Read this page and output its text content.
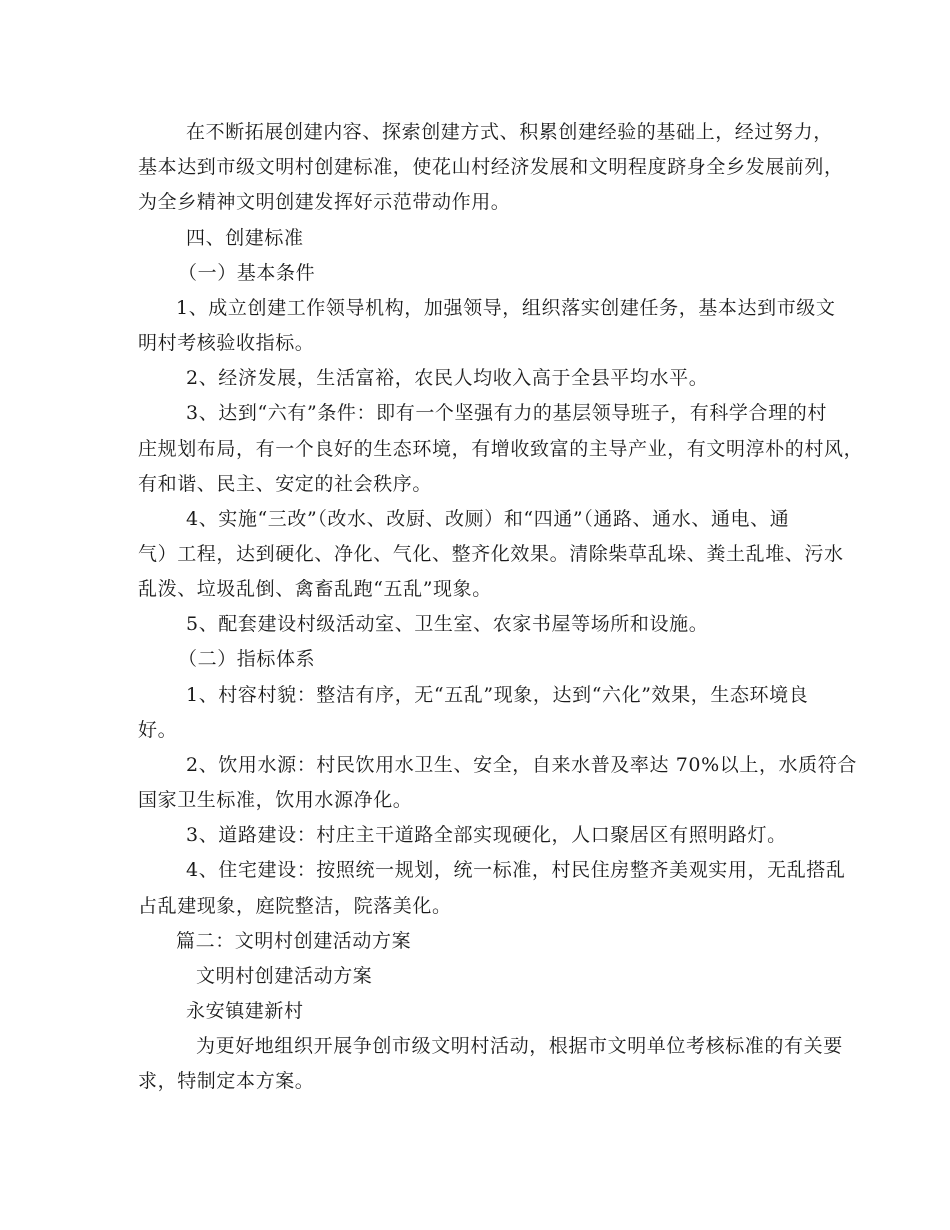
在不断拓展创建内容、探索创建方式、积累创建经验的基础上，经过努力，
基本达到市级文明村创建标准，使花山村经济发展和文明程度跻身全乡发展前列，
为全乡精神文明创建发挥好示范带动作用。
四、创建标准
（一）基本条件
1、成立创建工作领导机构，加强领导，组织落实创建任务，基本达到市级文
明村考核验收指标。
2、经济发展，生活富裕，农民人均收入高于全县平均水平。
3、达到“六有”条件：即有一个坚强有力的基层领导班子，有科学合理的村
庄规划布局，有一个良好的生态环境，有增收致富的主导产业，有文明淳朴的村风，
有和谐、民主、安定的社会秩序。
4、实施“三改”（改水、改厨、改厕）和“四通”（通路、通水、通电、通
气）工程，达到硬化、净化、气化、整齐化效果。清除柴草乱垛、粪土乱堆、污水
乱泼、垃圾乱倒、禽畜乱跑“五乱”现象。
5、配套建设村级活动室、卫生室、农家书屋等场所和设施。
（二）指标体系
1、村容村貌：整洁有序，无“五乱”现象，达到“六化”效果，生态环境良
好。
2、饮用水源：村民饮用水卫生、安全，自来水普及率达 70%以上，水质符合
国家卫生标准，饮用水源净化。
3、道路建设：村庄主干道路全部实现硬化，人口聚居区有照明路灯。
4、住宅建设：按照统一规划，统一标准，村民住房整齐美观实用，无乱搭乱
占乱建现象，庭院整洁，院落美化。
篇二：文明村创建活动方案
文明村创建活动方案
永安镇建新村
为更好地组织开展争创市级文明村活动，根据市文明单位考核标准的有关要
求，特制定本方案。
